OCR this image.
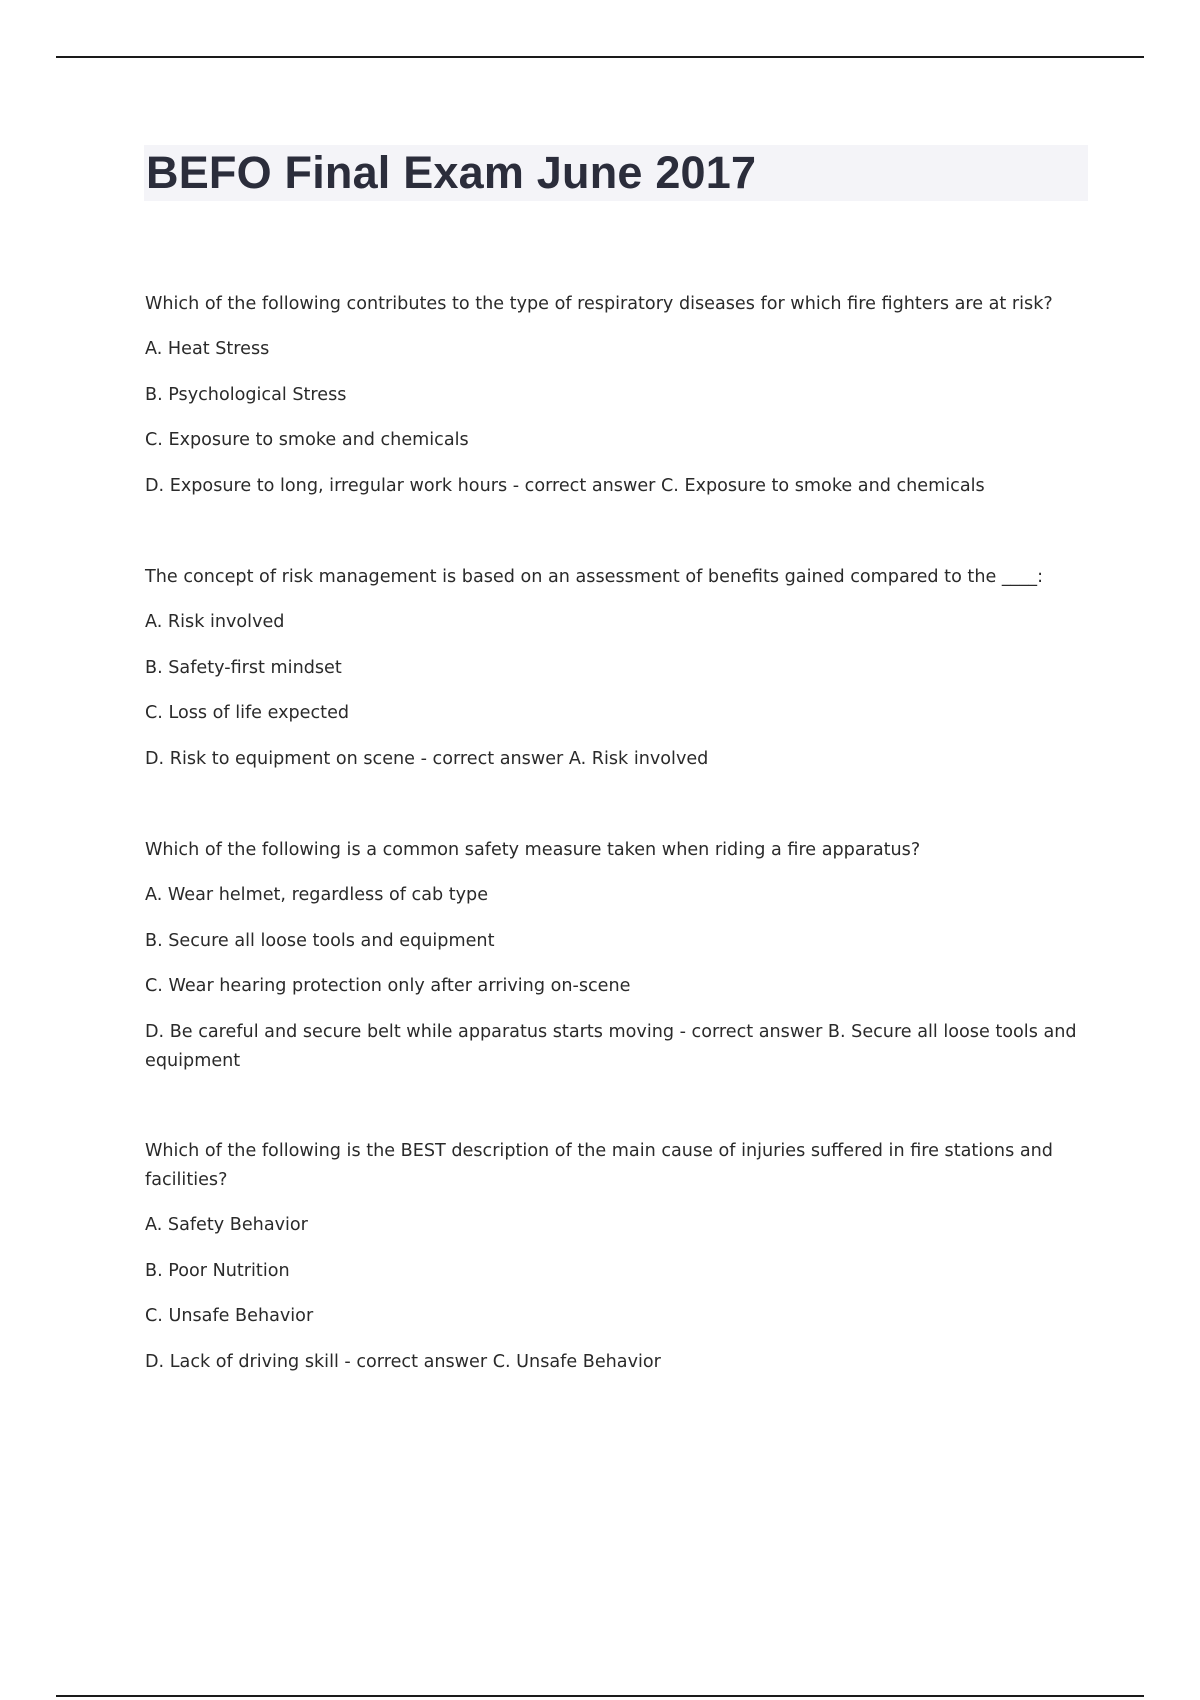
BEFO Final Exam June 2017

Which of the following contributes to the type of respiratory diseases for which fire fighters are at risk?

A. Heat Stress

B. Psychological Stress

C. Exposure to smoke and chemicals

D. Exposure to long, irregular work hours - correct answer C. Exposure to smoke and chemicals

The concept of risk management is based on an assessment of benefits gained compared to the ____:

A. Risk involved

B. Safety-first mindset

C. Loss of life expected

D. Risk to equipment on scene - correct answer A. Risk involved

Which of the following is a common safety measure taken when riding a fire apparatus?

A. Wear helmet, regardless of cab type

B. Secure all loose tools and equipment

C. Wear hearing protection only after arriving on-scene

D. Be careful and secure belt while apparatus starts moving - correct answer B. Secure all loose tools and equipment

Which of the following is the BEST description of the main cause of injuries suffered in fire stations and facilities?

A. Safety Behavior

B. Poor Nutrition

C. Unsafe Behavior

D. Lack of driving skill - correct answer C. Unsafe Behavior
